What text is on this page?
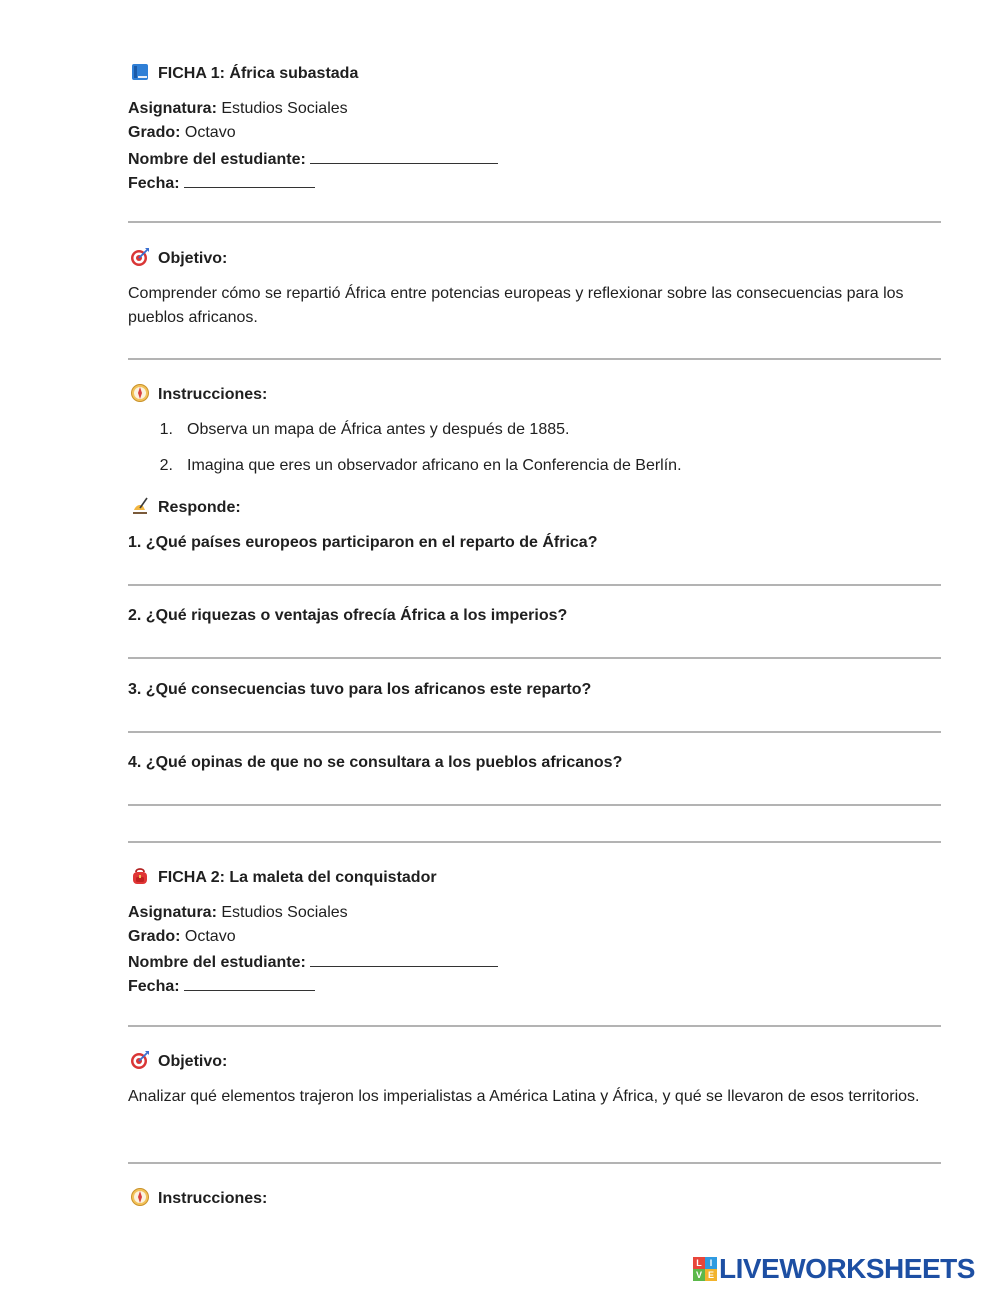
FICHA 1: África subastada
Asignatura: Estudios Sociales
Grado: Octavo
Nombre del estudiante:
Fecha:
Objetivo:
Comprender cómo se repartió África entre potencias europeas y reflexionar sobre las consecuencias para los pueblos africanos.
Instrucciones:
1. Observa un mapa de África antes y después de 1885.
2. Imagina que eres un observador africano en la Conferencia de Berlín.
Responde:
1. ¿Qué países europeos participaron en el reparto de África?
2. ¿Qué riquezas o ventajas ofrecía África a los imperios?
3. ¿Qué consecuencias tuvo para los africanos este reparto?
4. ¿Qué opinas de que no se consultara a los pueblos africanos?
FICHA 2: La maleta del conquistador
Asignatura: Estudios Sociales
Grado: Octavo
Nombre del estudiante:
Fecha:
Objetivo:
Analizar qué elementos trajeron los imperialistas a América Latina y África, y qué se llevaron de esos territorios.
Instrucciones:
L I
V E LIVEWORKSHEETS
